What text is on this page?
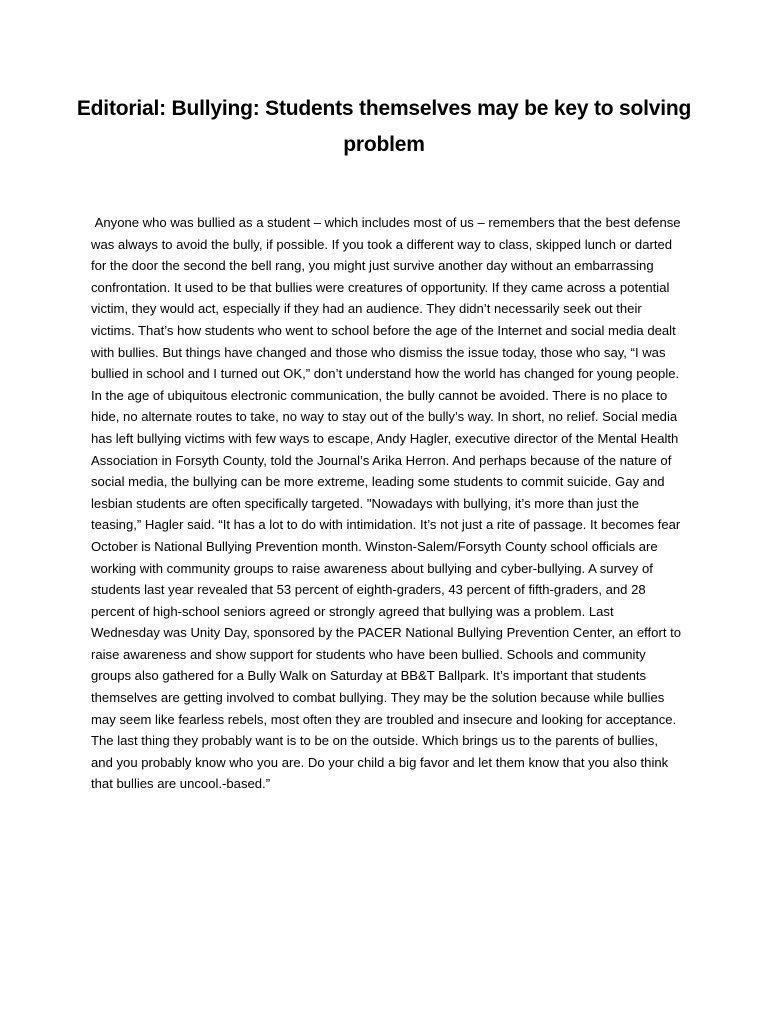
Editorial: Bullying: Students themselves may be key to solving problem

Anyone who was bullied as a student – which includes most of us – remembers that the best defense was always to avoid the bully, if possible. If you took a different way to class, skipped lunch or darted for the door the second the bell rang, you might just survive another day without an embarrassing confrontation. It used to be that bullies were creatures of opportunity. If they came across a potential victim, they would act, especially if they had an audience. They didn’t necessarily seek out their victims. That’s how students who went to school before the age of the Internet and social media dealt with bullies. But things have changed and those who dismiss the issue today, those who say, “I was bullied in school and I turned out OK,” don’t understand how the world has changed for young people. In the age of ubiquitous electronic communication, the bully cannot be avoided. There is no place to hide, no alternate routes to take, no way to stay out of the bully’s way. In short, no relief. Social media has left bullying victims with few ways to escape, Andy Hagler, executive director of the Mental Health Association in Forsyth County, told the Journal’s Arika Herron. And perhaps because of the nature of social media, the bullying can be more extreme, leading some students to commit suicide. Gay and lesbian students are often specifically targeted. "Nowadays with bullying, it’s more than just the teasing,” Hagler said. “It has a lot to do with intimidation. It’s not just a rite of passage. It becomes fear October is National Bullying Prevention month. Winston-Salem/Forsyth County school officials are working with community groups to raise awareness about bullying and cyber-bullying. A survey of students last year revealed that 53 percent of eighth-graders, 43 percent of fifth-graders, and 28 percent of high-school seniors agreed or strongly agreed that bullying was a problem. Last Wednesday was Unity Day, sponsored by the PACER National Bullying Prevention Center, an effort to raise awareness and show support for students who have been bullied. Schools and community groups also gathered for a Bully Walk on Saturday at BB&T Ballpark. It’s important that students themselves are getting involved to combat bullying. They may be the solution because while bullies may seem like fearless rebels, most often they are troubled and insecure and looking for acceptance. The last thing they probably want is to be on the outside. Which brings us to the parents of bullies, and you probably know who you are. Do your child a big favor and let them know that you also think that bullies are uncool.-based.”
